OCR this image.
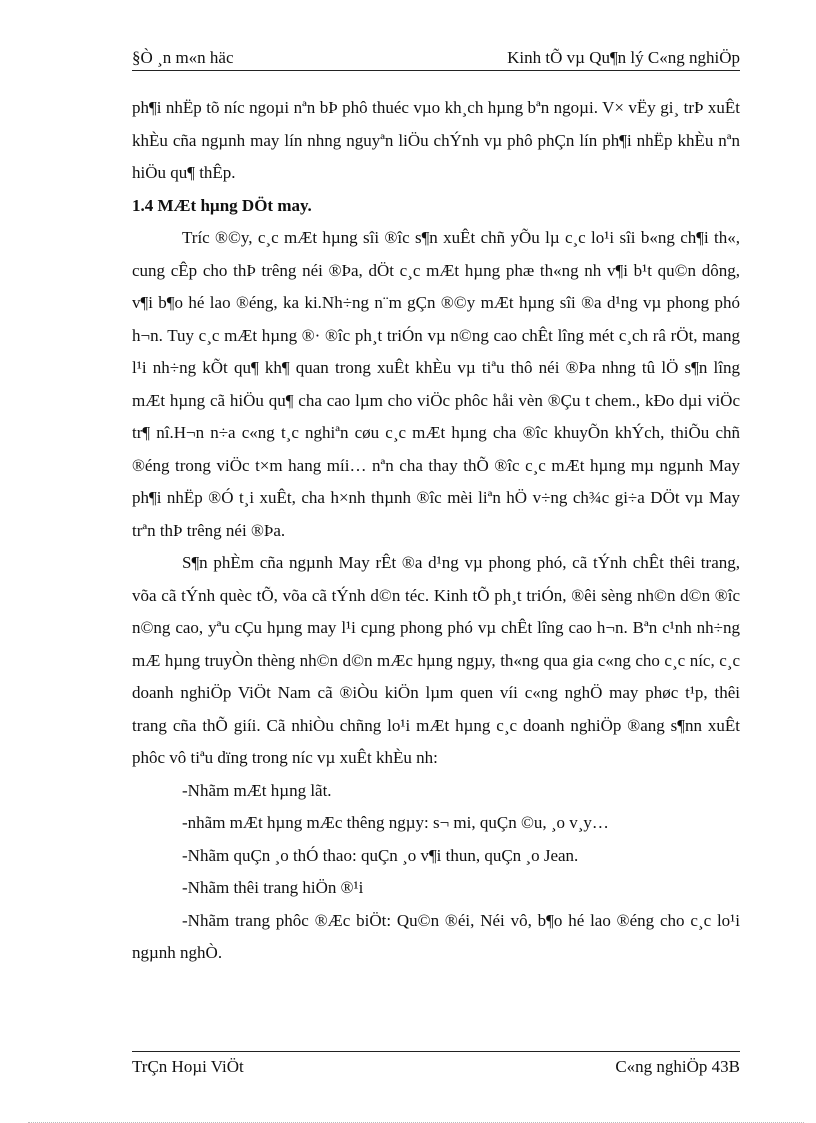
§Ò ¸n m«n häc	Kinh tÕ vµ Qu¶n lý C«ng nghiÖp

ph¶i nhËp tõ níc ngoµi nªn bÞ phô thuéc vµo kh¸ch hµng bªn ngoµi. V× vËy gi¸ trÞ xuÊt khÈu cña ngµnh may lín nhng nguyªn liÖu chÝnh vµ phô phÇn lín ph¶i nhËp khÈu nªn hiÖu qu¶ thÊp.

1.4 MÆt hµng DÖt may.

Tríc ®©y, c¸c mÆt hµng sîi ®îc s¶n xuÊt chñ yÕu lµ c¸c lo¹i sîi b«ng ch¶i th«, cung cÊp cho thÞ trêng néi ®Þa, dÖt c¸c mÆt hµng phæ th«ng nh v¶i b¹t qu©n dông, v¶i b¶o hé lao ®éng, ka ki.Nh÷ng n¨m gÇn ®©y mÆt hµng sîi ®a d¹ng vµ phong phó h¬n. Tuy c¸c mÆt hµng ®· ®îc ph¸t triÓn vµ n©ng cao chÊt lîng mét c¸ch râ rÖt, mang l¹i nh÷ng kÕt qu¶ kh¶ quan trong xuÊt khÈu vµ tiªu thô néi ®Þa nhng tû lÖ s¶n lîng mÆt hµng cã hiÖu qu¶ cha cao lµm cho viÖc phôc håi vèn ®Çu t chem., kÐo dµi viÖc tr¶ nî.H¬n n÷a c«ng t¸c nghiªn cøu c¸c mÆt hµng cha ®îc khuyÕn khÝch, thiÕu chñ ®éng trong viÖc t×m hang míi… nªn cha thay thÕ ®îc c¸c mÆt hµng mµ ngµnh May ph¶i nhËp ®Ó t¸i xuÊt, cha h×nh thµnh ®îc mèi liªn hÖ v÷ng ch¾c gi÷a DÖt vµ May trªn thÞ trêng néi ®Þa.

S¶n phÈm cña ngµnh May rÊt ®a d¹ng vµ phong phó, cã tÝnh chÊt thêi trang, võa cã tÝnh quèc tÕ, võa cã tÝnh d©n téc. Kinh tÕ ph¸t triÓn, ®êi sèng nh©n d©n ®îc n©ng cao, yªu cÇu hµng may l¹i cµng phong phó vµ chÊt lîng cao h¬n. Bªn c¹nh nh÷ng mÆ hµng truyÒn thèng nh©n d©n mÆc hµng ngµy, th«ng qua gia c«ng cho c¸c níc, c¸c doanh nghiÖp ViÖt Nam cã ®iÒu kiÖn lµm quen víi c«ng nghÖ may phøc t¹p, thêi trang cña thÕ giíi. Cã nhiÒu chñng lo¹i mÆt hµng c¸c doanh nghiÖp ®ang s¶nn xuÊt phôc vô tiªu dïng trong níc vµ xuÊt khÈu nh:

-Nhãm mÆt hµng lãt.

-nhãm mÆt hµng mÆc thêng ngµy: s¬ mi, quÇn ©u, ¸o v¸y…

-Nhãm quÇn ¸o thÓ thao: quÇn ¸o v¶i thun, quÇn ¸o Jean.

-Nhãm thêi trang hiÖn ®¹i

-Nhãm trang phôc ®Æc biÖt: Qu©n ®éi, Néi vô, b¶o hé lao ®éng cho c¸c lo¹i ngµnh nghÒ.

TrÇn Hoµi ViÖt	C«ng nghiÖp 43B
